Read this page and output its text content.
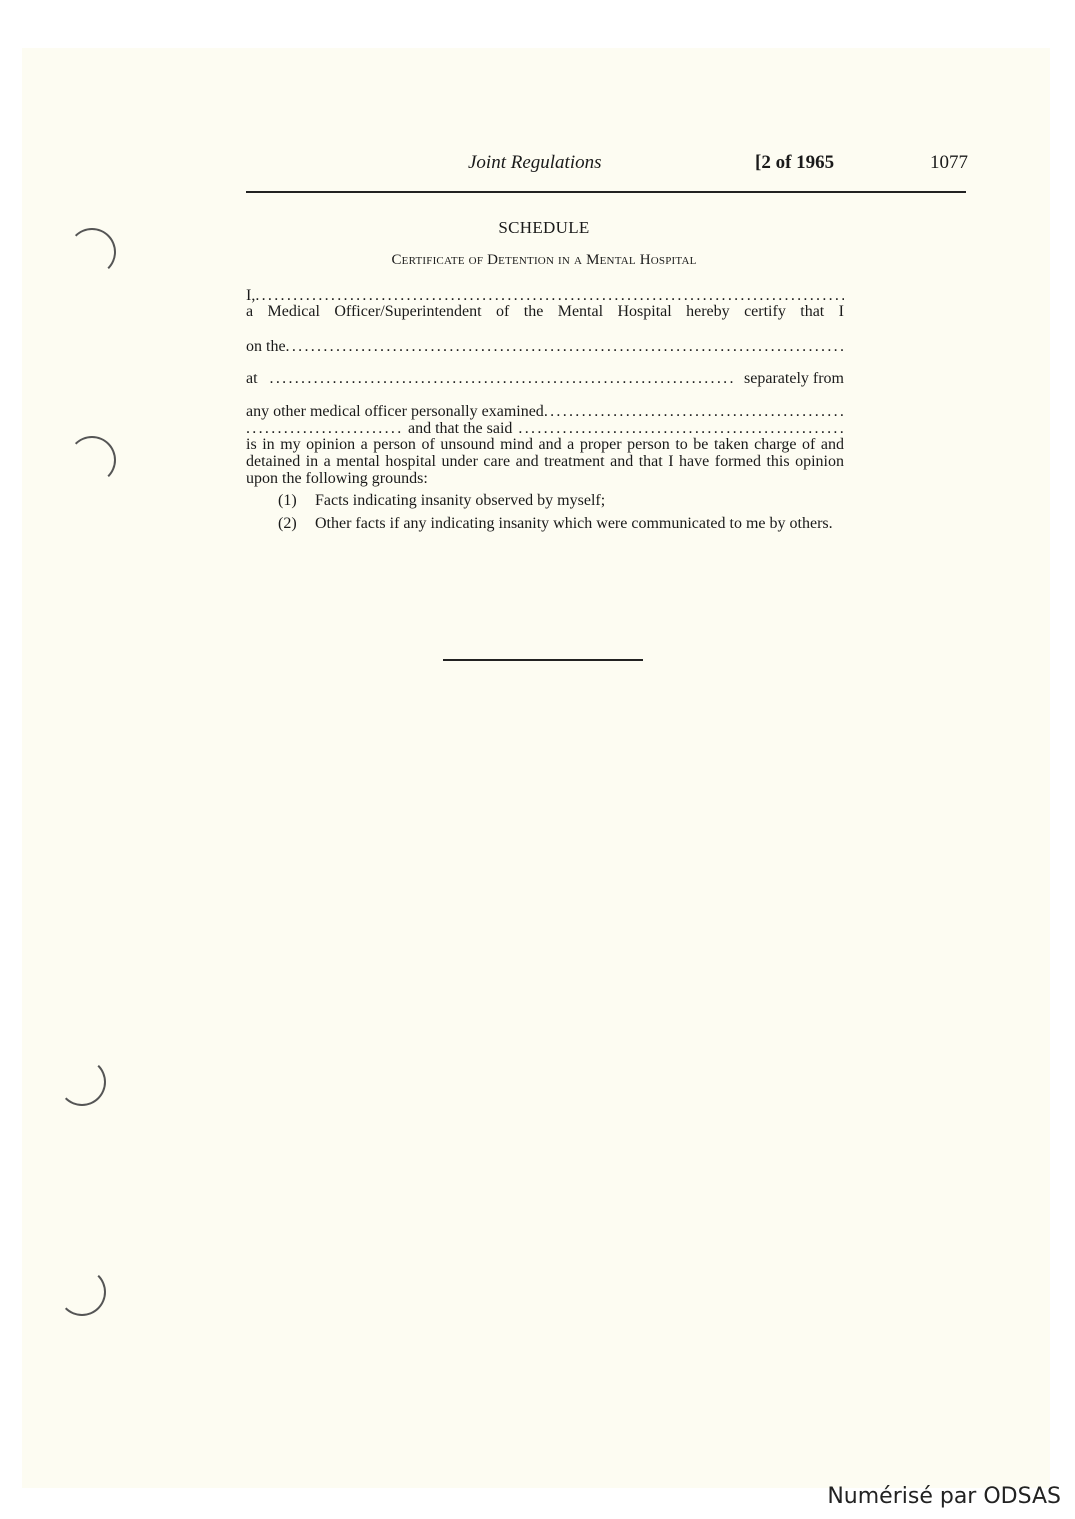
Joint Regulations	[2 of 1965	1077
SCHEDULE
Certificate of Detention in a Mental Hospital
I,
.....
a Medical Officer/Superintendent of the Mental Hospital hereby certify that I
on the
.....
at
.....	separately from
any other medical officer personally examined
.....
.....
and that the said
.....
is in my opinion a person of unsound mind and a proper person to be taken charge of and detained in a mental hospital under care and treatment and that I have formed this opinion upon the following grounds:
(1) Facts indicating insanity observed by myself;
(2) Other facts if any indicating insanity which were communicated to me by others.
Numérisé par ODSAS
